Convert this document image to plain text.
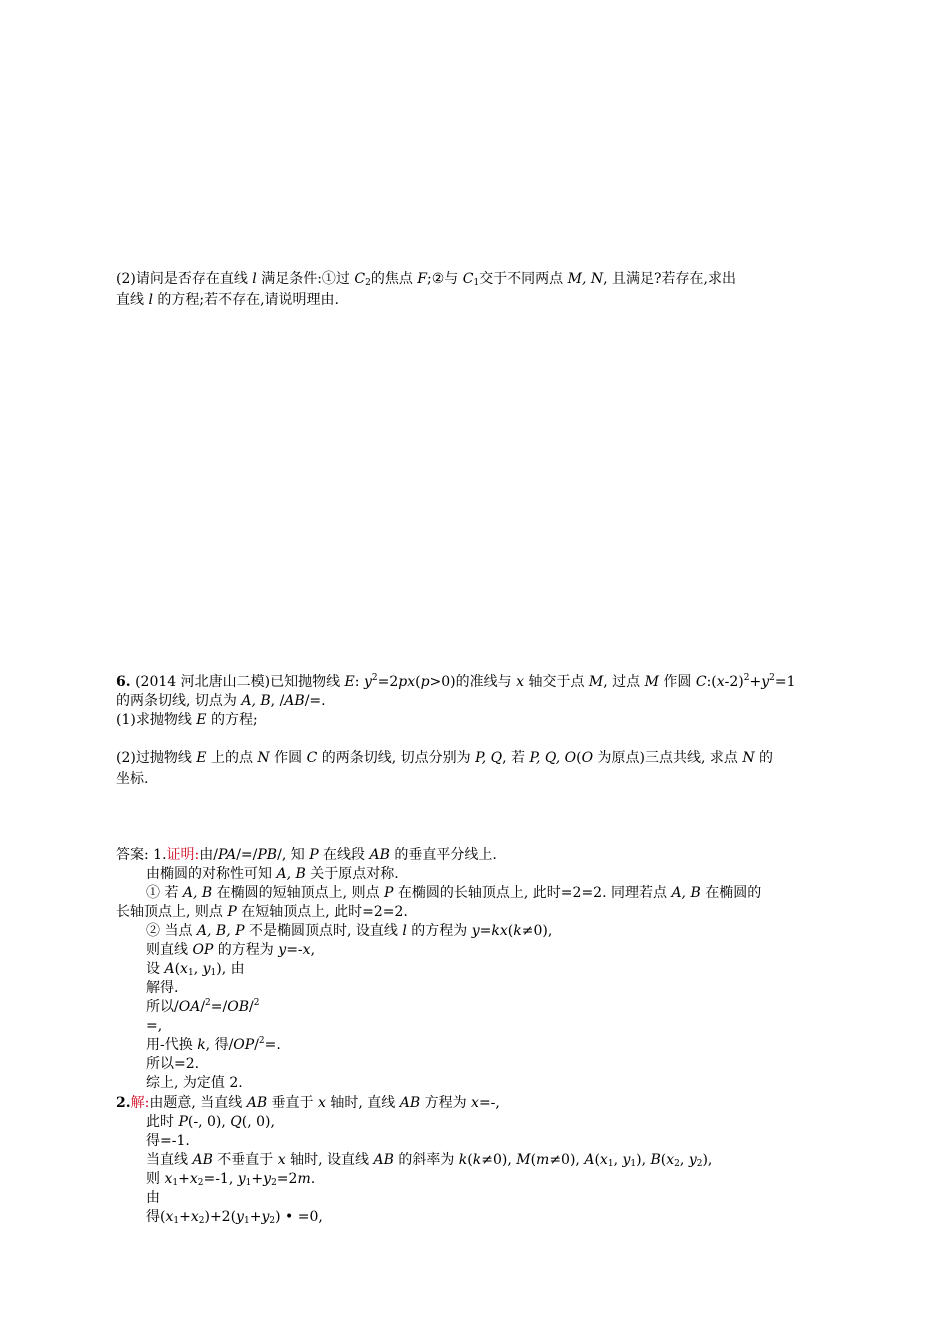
(2)请问是否存在直线 l 满足条件:①过 $C_2$的焦点 F;②与 $C_1$交于不同两点 M, N, 且满足?若存在,求出
直线 l 的方程;若不存在,请说明理由.
6. (2014 河北唐山二模)已知抛物线 E: $y^2=2px(p>0)$的准线与 x 轴交于点 M, 过点 M 作圆 $C:(x-2)^2+y^2=1$
的两条切线, 切点为 A, B, /AB/=.
(1)求抛物线 E 的方程;
(2)过抛物线 E 上的点 N 作圆 C 的两条切线, 切点分别为 P, Q, 若 P, Q, O(O 为原点)三点共线, 求点 N 的
坐标.
答案: 1.证明:由/PA/=/PB/, 知 P 在线段 AB 的垂直平分线上.
由椭圆的对称性可知 A, B 关于原点对称.
① 若 A, B 在椭圆的短轴顶点上, 则点 P 在椭圆的长轴顶点上, 此时=2=2. 同理若点 A, B 在椭圆的
长轴顶点上, 则点 P 在短轴顶点上, 此时=2=2.
② 当点 A, B, P 不是椭圆顶点时, 设直线 l 的方程为 y=kx(k≠0),
则直线 OP 的方程为 y=-x,
设 $A(x_1$, $y_1$), 由
解得.
所以/OA/$^2$=/OB/$^2$
=,
用-代换 k, 得/OP/$^2$=.
所以=2.
综上, 为定值 2.
2.解:由题意, 当直线 AB 垂直于 x 轴时, 直线 AB 方程为 x=-,
此时 P(-, 0), Q(, 0),
得=-1.
当直线 AB 不垂直于 x 轴时, 设直线 AB 的斜率为 k(k≠0), M(m≠0), $A(x_1$, $y_1$), $B(x_2$, $y_2$),
则 $x_1+x_2=-1$, $y_1+y_2=2m$.
由
得$(x_1+x_2)+2(y_1+y_2)$ • =0,
